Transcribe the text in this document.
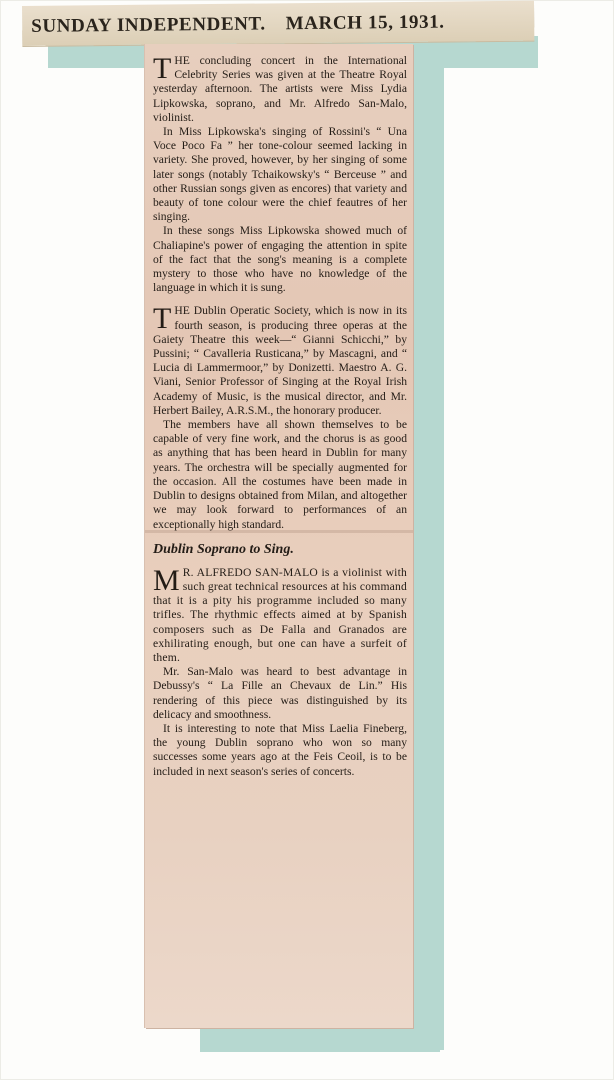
SUNDAY INDEPENDENT. MARCH 15, 1931.

THE concluding concert in the International Celebrity Series was given at the Theatre Royal yesterday afternoon. The artists were Miss Lydia Lipkowska, soprano, and Mr. Alfredo San-Malo, violinist.

In Miss Lipkowska's singing of Rossini's “ Una Voce Poco Fa ” her tone-colour seemed lacking in variety. She proved, however, by her singing of some later songs (notably Tchaikowsky's “ Berceuse ” and other Russian songs given as encores) that variety and beauty of tone colour were the chief feautres of her singing.

In these songs Miss Lipkowska showed much of Chaliapine's power of engaging the attention in spite of the fact that the song's meaning is a complete mystery to those who have no knowledge of the language in which it is sung.

THE Dublin Operatic Society, which is now in its fourth season, is producing three operas at the Gaiety Theatre this week—“ Gianni Schicchi,” by Pussini; “ Cavalleria Rusticana,” by Mascagni, and “ Lucia di Lammermoor,” by Donizetti. Maestro A. G. Viani, Senior Professor of Singing at the Royal Irish Academy of Music, is the musical director, and Mr. Herbert Bailey, A.R.S.M., the honorary producer.

The members have all shown themselves to be capable of very fine work, and the chorus is as good as anything that has been heard in Dublin for many years. The orchestra will be specially augmented for the occasion. All the costumes have been made in Dublin to designs obtained from Milan, and altogether we may look forward to performances of an exceptionally high standard.

Dublin Soprano to Sing.

M R. ALFREDO SAN-MALO is a violinist with such great technical resources at his command that it is a pity his programme included so many trifles. The rhythmic effects aimed at by Spanish composers such as De Falla and Granados are exhilirating enough, but one can have a surfeit of them.

Mr. San-Malo was heard to best advantage in Debussy's “ La Fille an Chevaux de Lin.” His rendering of this piece was distinguished by its delicacy and smoothness.

It is interesting to note that Miss Laelia Fineberg, the young Dublin soprano who won so many successes some years ago at the Feis Ceoil, is to be included in next season's series of concerts.
